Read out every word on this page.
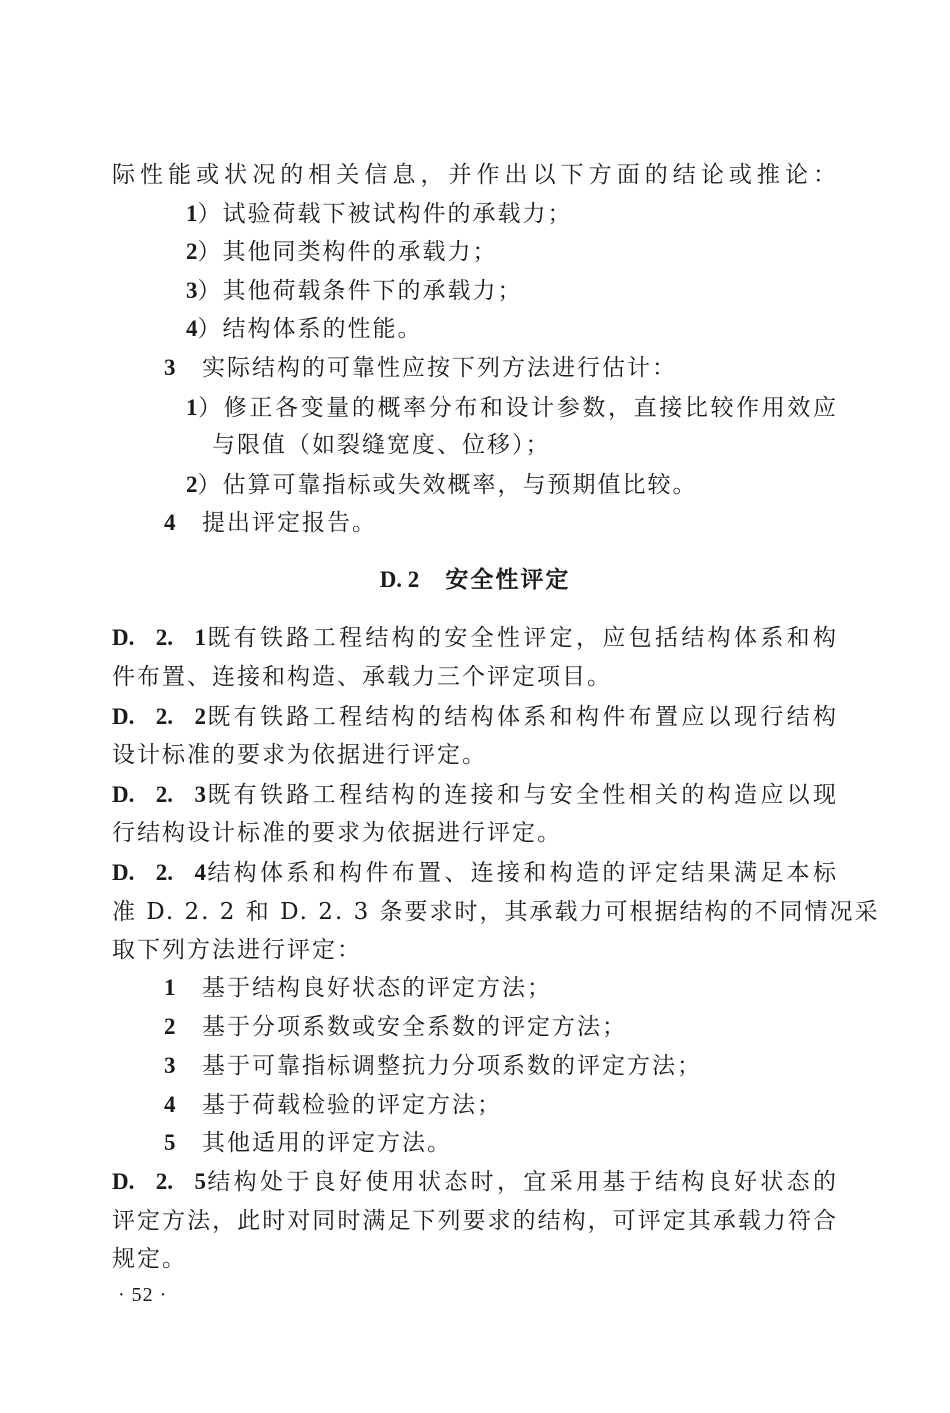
际性能或状况的相关信息，并作出以下方面的结论或推论：
1）试验荷载下被试构件的承载力；
2）其他同类构件的承载力；
3）其他荷载条件下的承载力；
4）结构体系的性能。
3 实际结构的可靠性应按下列方法进行估计：
1）修正各变量的概率分布和设计参数，直接比较作用效应
与限值（如裂缝宽度、位移）；
2）估算可靠指标或失效概率，与预期值比较。
4 提出评定报告。
D. 2 安全性评定
D. 2. 1既有铁路工程结构的安全性评定，应包括结构体系和构
件布置、连接和构造、承载力三个评定项目。
D. 2. 2既有铁路工程结构的结构体系和构件布置应以现行结构
设计标准的要求为依据进行评定。
D. 2. 3既有铁路工程结构的连接和与安全性相关的构造应以现
行结构设计标准的要求为依据进行评定。
D. 2. 4结构体系和构件布置、连接和构造的评定结果满足本标
准 D. 2. 2 和 D. 2. 3 条要求时，其承载力可根据结构的不同情况采
取下列方法进行评定：
1 基于结构良好状态的评定方法；
2 基于分项系数或安全系数的评定方法；
3 基于可靠指标调整抗力分项系数的评定方法；
4 基于荷载检验的评定方法；
5 其他适用的评定方法。
D. 2. 5结构处于良好使用状态时，宜采用基于结构良好状态的
评定方法，此时对同时满足下列要求的结构，可评定其承载力符合
规定。
· 52 ·
